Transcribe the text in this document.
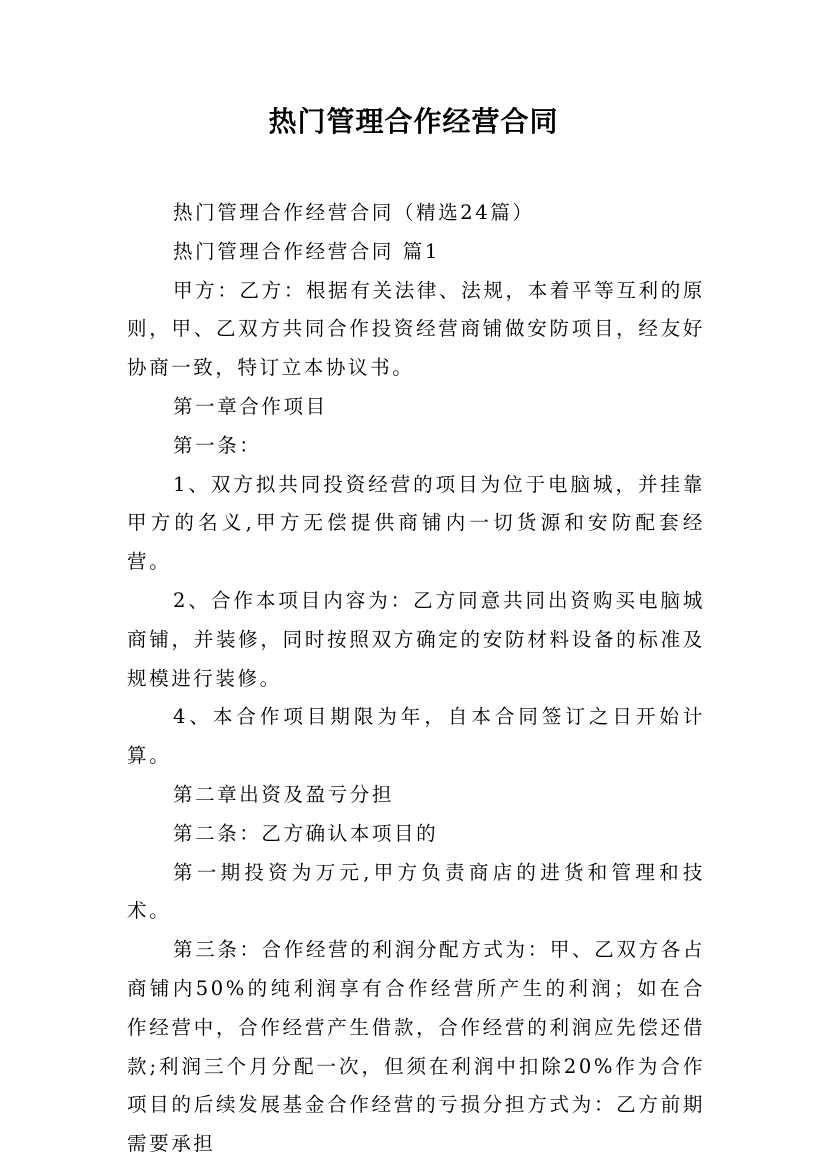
热门管理合作经营合同

热门管理合作经营合同（精选24篇）

热门管理合作经营合同 篇1

甲方：乙方：根据有关法律、法规，本着平等互利的原则，甲、乙双方共同合作投资经营商铺做安防项目，经友好协商一致，特订立本协议书。

第一章合作项目

第一条：

1、双方拟共同投资经营的项目为位于电脑城，并挂靠甲方的名义,甲方无偿提供商铺内一切货源和安防配套经营。

2、合作本项目内容为：乙方同意共同出资购买电脑城商铺，并装修，同时按照双方确定的安防材料设备的标准及规模进行装修。

4、本合作项目期限为年，自本合同签订之日开始计算。

第二章出资及盈亏分担

第二条：乙方确认本项目的

第一期投资为万元,甲方负责商店的进货和管理和技术。

第三条：合作经营的利润分配方式为：甲、乙双方各占商铺内50%的纯利润享有合作经营所产生的利润；如在合作经营中，合作经营产生借款，合作经营的利润应先偿还借款;利润三个月分配一次，但须在利润中扣除20%作为合作项目的后续发展基金合作经营的亏损分担方式为：乙方前期需要承担
